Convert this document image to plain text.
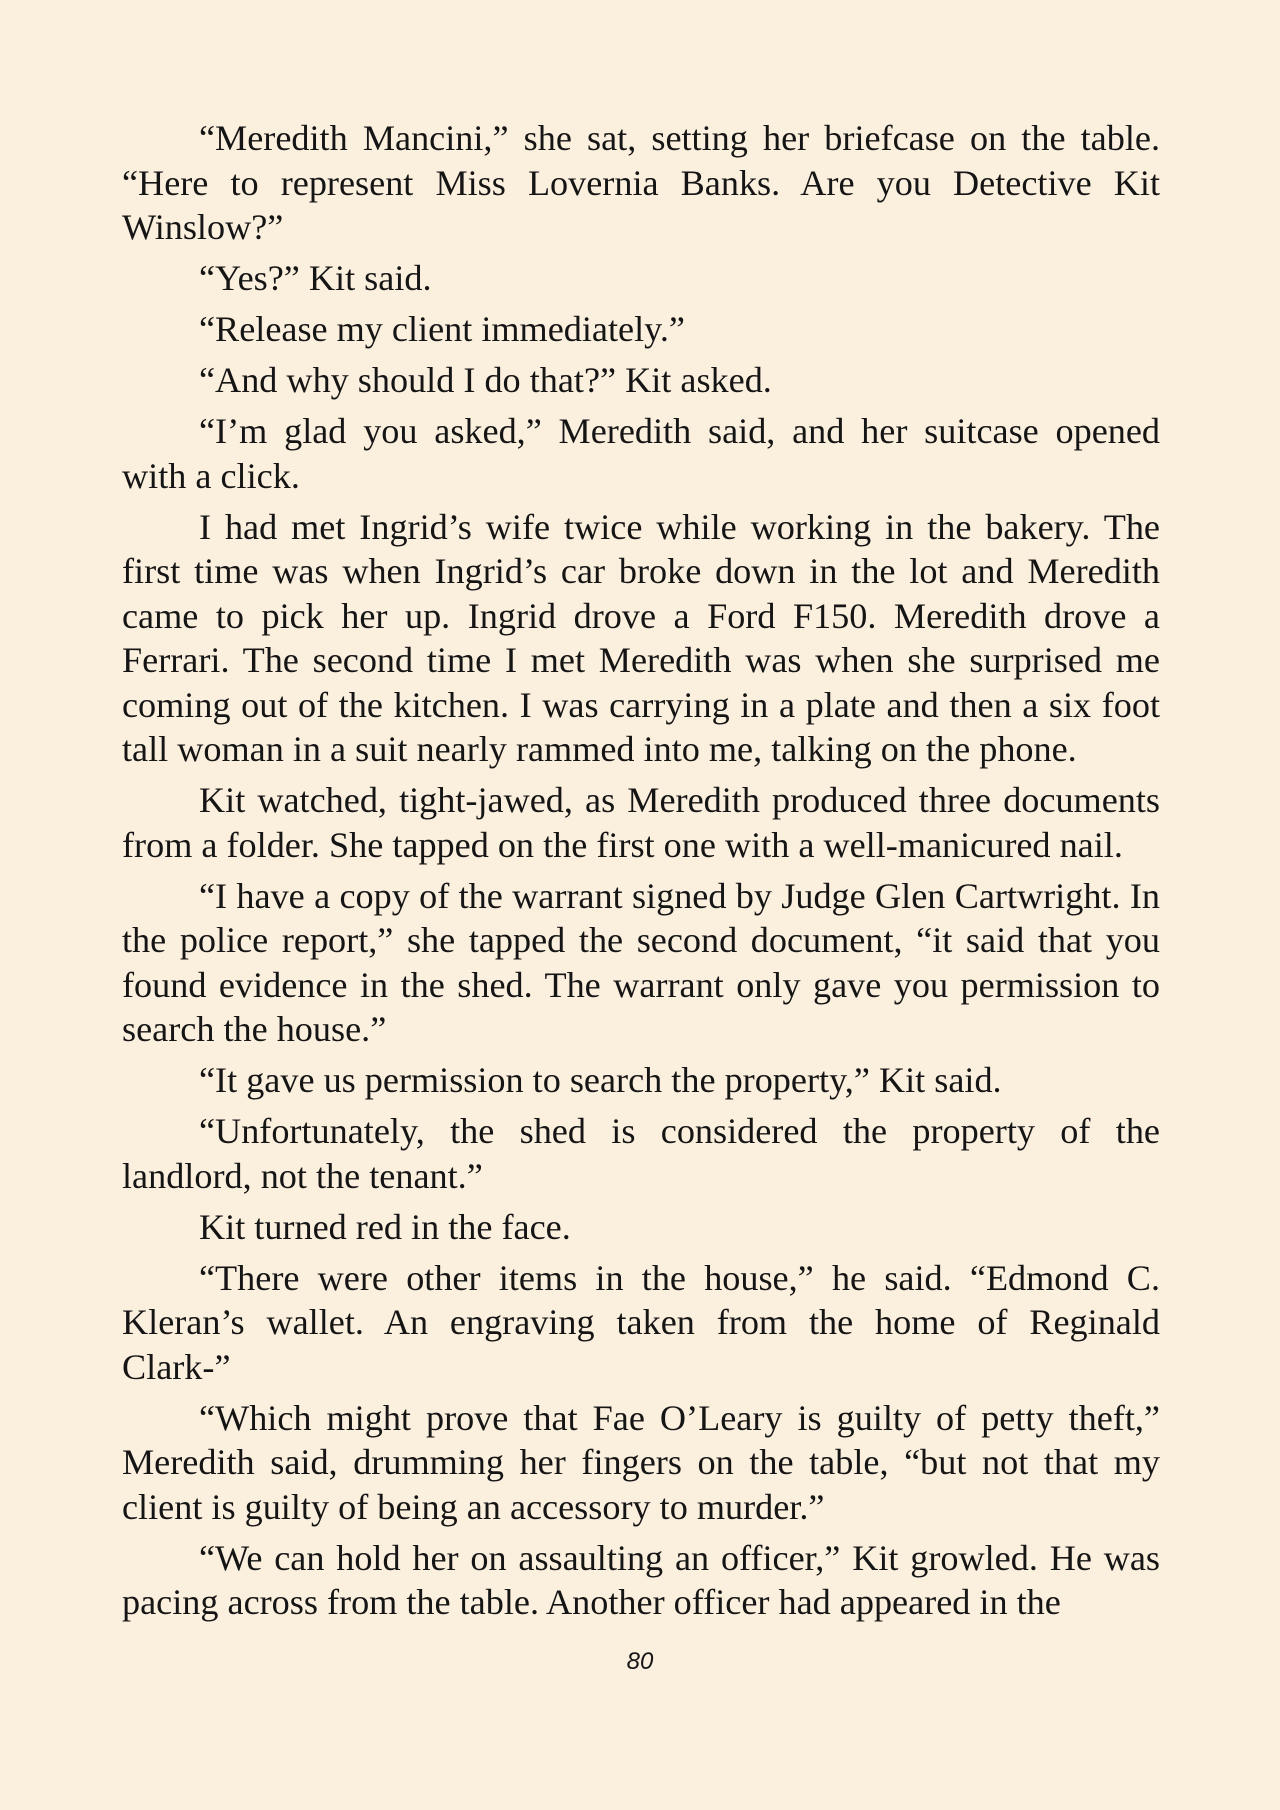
“Meredith Mancini,” she sat, setting her briefcase on the table. “Here to represent Miss Lovernia Banks. Are you Detective Kit Winslow?”

“Yes?” Kit said.

“Release my client immediately.”

“And why should I do that?” Kit asked.

“I’m glad you asked,” Meredith said, and her suitcase opened with a click.

I had met Ingrid’s wife twice while working in the bakery. The first time was when Ingrid’s car broke down in the lot and Meredith came to pick her up. Ingrid drove a Ford F150. Meredith drove a Ferrari. The second time I met Meredith was when she surprised me coming out of the kitchen. I was carrying in a plate and then a six foot tall woman in a suit nearly rammed into me, talking on the phone.

Kit watched, tight-jawed, as Meredith produced three documents from a folder. She tapped on the first one with a well-manicured nail.

“I have a copy of the warrant signed by Judge Glen Cartwright. In the police report,” she tapped the second document, “it said that you found evidence in the shed. The warrant only gave you permission to search the house.”

“It gave us permission to search the property,” Kit said.

“Unfortunately, the shed is considered the property of the landlord, not the tenant.”

Kit turned red in the face.

“There were other items in the house,” he said. “Edmond C. Kleran’s wallet. An engraving taken from the home of Reginald Clark-”

“Which might prove that Fae O’Leary is guilty of petty theft,” Meredith said, drumming her fingers on the table, “but not that my client is guilty of being an accessory to murder.”

“We can hold her on assaulting an officer,” Kit growled. He was pacing across from the table. Another officer had appeared in the

80
